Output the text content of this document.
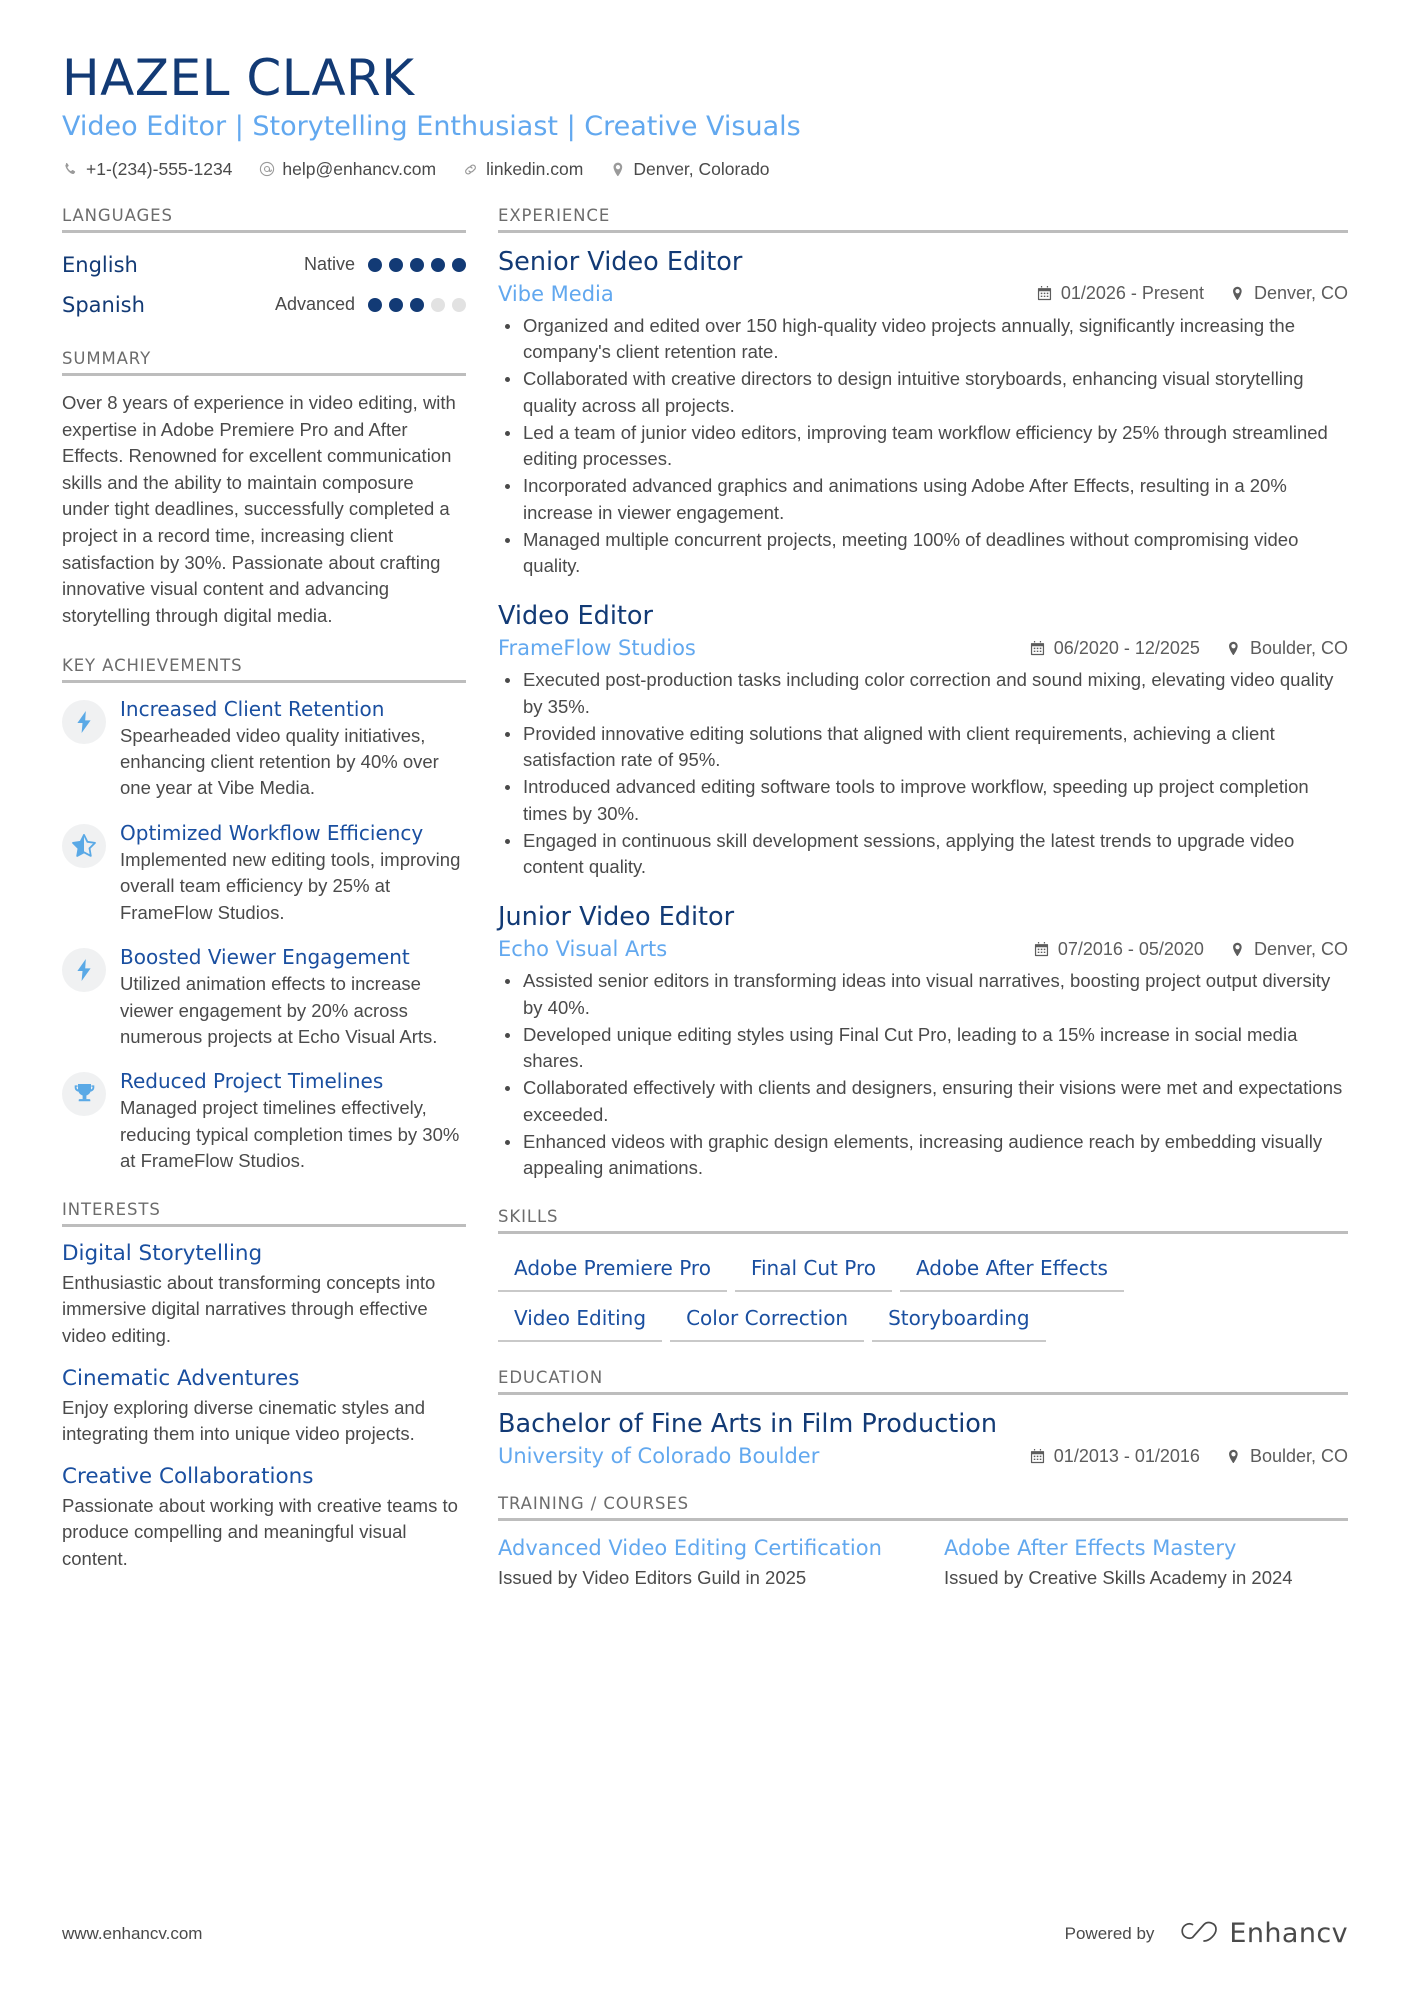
HAZEL CLARK
Video Editor | Storytelling Enthusiast | Creative Visuals
+1-(234)-555-1234	help@enhancv.com	linkedin.com	Denver, Colorado
LANGUAGES
English	Native
Spanish	Advanced
SUMMARY
Over 8 years of experience in video editing, with expertise in Adobe Premiere Pro and After Effects. Renowned for excellent communication skills and the ability to maintain composure under tight deadlines, successfully completed a project in a record time, increasing client satisfaction by 30%. Passionate about crafting innovative visual content and advancing storytelling through digital media.
KEY ACHIEVEMENTS
Increased Client Retention
Spearheaded video quality initiatives, enhancing client retention by 40% over one year at Vibe Media.
Optimized Workflow Efficiency
Implemented new editing tools, improving overall team efficiency by 25% at FrameFlow Studios.
Boosted Viewer Engagement
Utilized animation effects to increase viewer engagement by 20% across numerous projects at Echo Visual Arts.
Reduced Project Timelines
Managed project timelines effectively, reducing typical completion times by 30% at FrameFlow Studios.
INTERESTS
Digital Storytelling
Enthusiastic about transforming concepts into immersive digital narratives through effective video editing.
Cinematic Adventures
Enjoy exploring diverse cinematic styles and integrating them into unique video projects.
Creative Collaborations
Passionate about working with creative teams to produce compelling and meaningful visual content.
EXPERIENCE
Senior Video Editor
Vibe Media	01/2026 - Present	Denver, CO
Organized and edited over 150 high-quality video projects annually, significantly increasing the company's client retention rate.
Collaborated with creative directors to design intuitive storyboards, enhancing visual storytelling quality across all projects.
Led a team of junior video editors, improving team workflow efficiency by 25% through streamlined editing processes.
Incorporated advanced graphics and animations using Adobe After Effects, resulting in a 20% increase in viewer engagement.
Managed multiple concurrent projects, meeting 100% of deadlines without compromising video quality.
Video Editor
FrameFlow Studios	06/2020 - 12/2025	Boulder, CO
Executed post-production tasks including color correction and sound mixing, elevating video quality by 35%.
Provided innovative editing solutions that aligned with client requirements, achieving a client satisfaction rate of 95%.
Introduced advanced editing software tools to improve workflow, speeding up project completion times by 30%.
Engaged in continuous skill development sessions, applying the latest trends to upgrade video content quality.
Junior Video Editor
Echo Visual Arts	07/2016 - 05/2020	Denver, CO
Assisted senior editors in transforming ideas into visual narratives, boosting project output diversity by 40%.
Developed unique editing styles using Final Cut Pro, leading to a 15% increase in social media shares.
Collaborated effectively with clients and designers, ensuring their visions were met and expectations exceeded.
Enhanced videos with graphic design elements, increasing audience reach by embedding visually appealing animations.
SKILLS
Adobe Premiere Pro	Final Cut Pro	Adobe After Effects
Video Editing	Color Correction	Storyboarding
EDUCATION
Bachelor of Fine Arts in Film Production
University of Colorado Boulder	01/2013 - 01/2016	Boulder, CO
TRAINING / COURSES
Advanced Video Editing Certification
Issued by Video Editors Guild in 2025
Adobe After Effects Mastery
Issued by Creative Skills Academy in 2024
www.enhancv.com	Powered by	Enhancv
